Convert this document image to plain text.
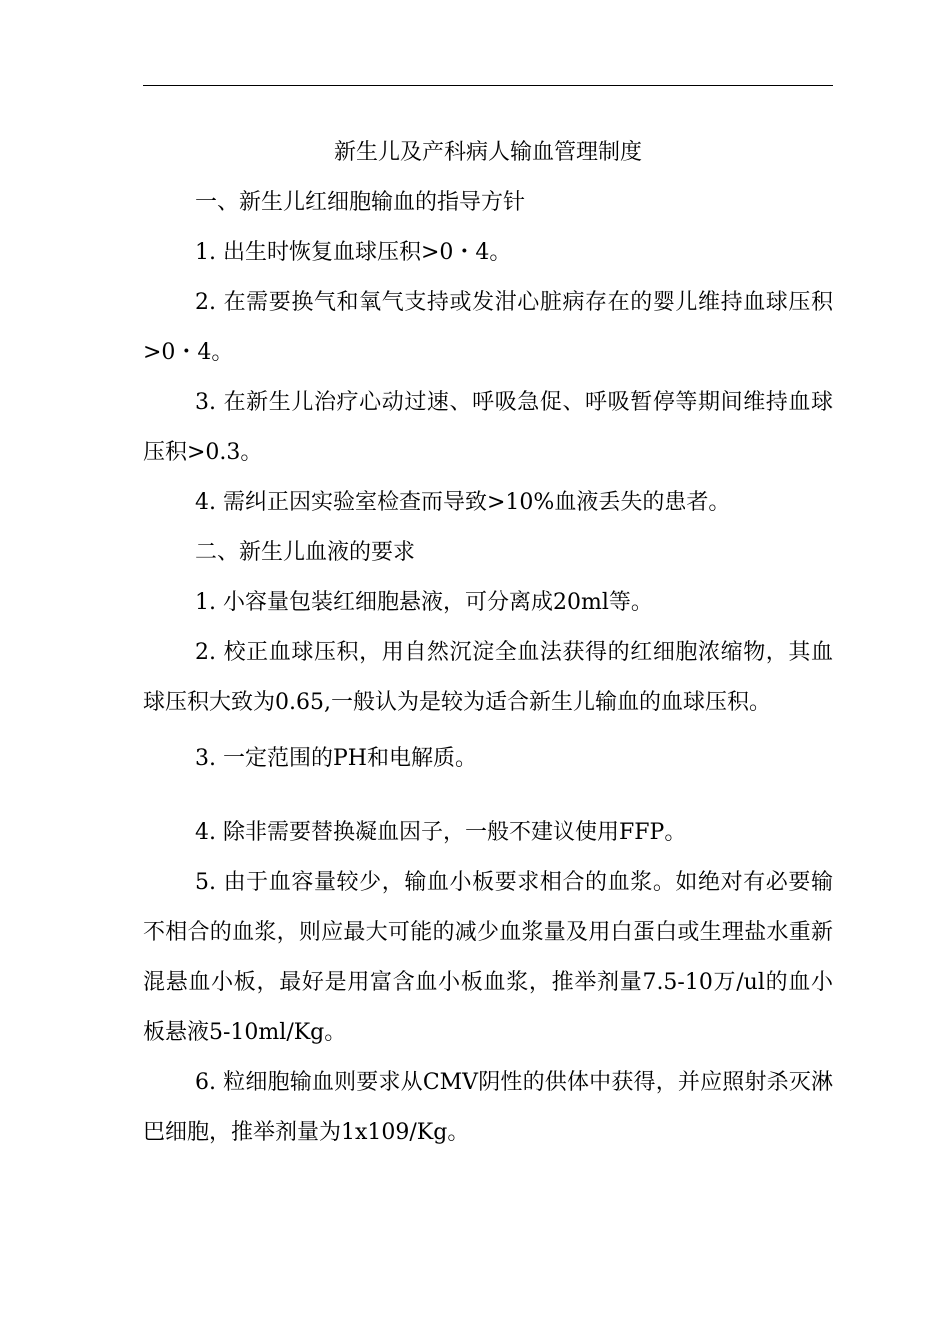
新生儿及产科病人输血管理制度

一、新生儿红细胞输血的指导方针

1. 出生时恢复血球压积>0・4。

2. 在需要换气和氧气支持或发泔心脏病存在的婴儿维持血球压积>0・4。

3. 在新生儿治疗心动过速、呼吸急促、呼吸暂停等期间维持血球压积>0.3。

4. 需纠正因实验室检查而导致>10%血液丢失的患者。

二、新生儿血液的要求

1. 小容量包装红细胞悬液，可分离成20ml等。

2. 校正血球压积，用自然沉淀全血法获得的红细胞浓缩物，其血球压积大致为0.65,一般认为是较为适合新生儿输血的血球压积。

3. 一定范围的PH和电解质。

4. 除非需要替换凝血因子，一般不建议使用FFP。

5. 由于血容量较少，输血小板要求相合的血浆。如绝对有必要输不相合的血浆，则应最大可能的减少血浆量及用白蛋白或生理盐水重新混悬血小板，最好是用富含血小板血浆，推举剂量7.5-10万/ul的血小板悬液5-10ml/Kg。

6. 粒细胞输血则要求从CMV阴性的供体中获得，并应照射杀灭淋巴细胞，推举剂量为1x109/Kg。
